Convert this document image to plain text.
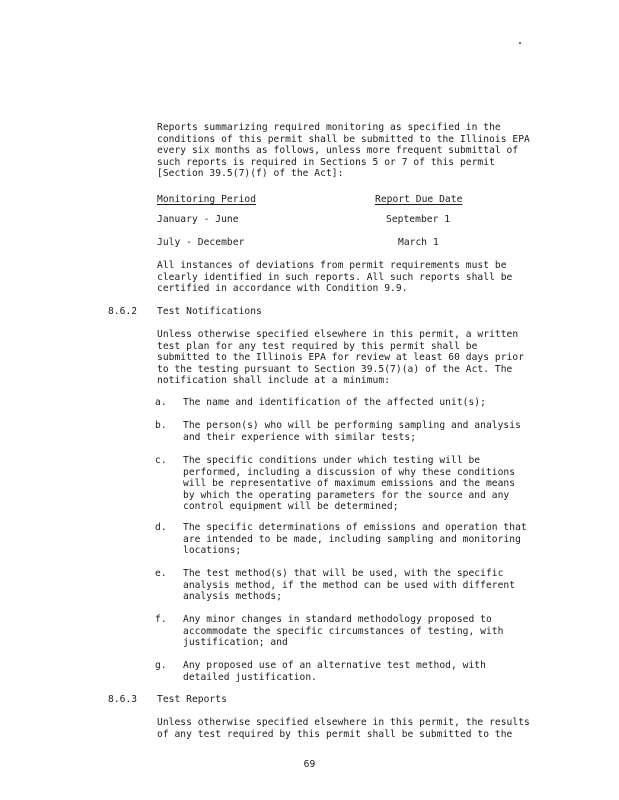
Reports summarizing required monitoring as specified in the
conditions of this permit shall be submitted to the Illinois EPA
every six months as follows, unless more frequent submittal of
such reports is required in Sections 5 or 7 of this permit
[Section 39.5(7)(f) of the Act]:

Monitoring Period	Report Due Date
January - June	September 1
July - December	March 1

All instances of deviations from permit requirements must be
clearly identified in such reports. All such reports shall be
certified in accordance with Condition 9.9.

8.6.2 Test Notifications

Unless otherwise specified elsewhere in this permit, a written
test plan for any test required by this permit shall be
submitted to the Illinois EPA for review at least 60 days prior
to the testing pursuant to Section 39.5(7)(a) of the Act. The
notification shall include at a minimum:

a. The name and identification of the affected unit(s);

b. The person(s) who will be performing sampling and analysis
and their experience with similar tests;

c. The specific conditions under which testing will be
performed, including a discussion of why these conditions
will be representative of maximum emissions and the means
by which the operating parameters for the source and any
control equipment will be determined;

d. The specific determinations of emissions and operation that
are intended to be made, including sampling and monitoring
locations;

e. The test method(s) that will be used, with the specific
analysis method, if the method can be used with different
analysis methods;

f. Any minor changes in standard methodology proposed to
accommodate the specific circumstances of testing, with
justification; and

g. Any proposed use of an alternative test method, with
detailed justification.

8.6.3 Test Reports

Unless otherwise specified elsewhere in this permit, the results
of any test required by this permit shall be submitted to the

69
